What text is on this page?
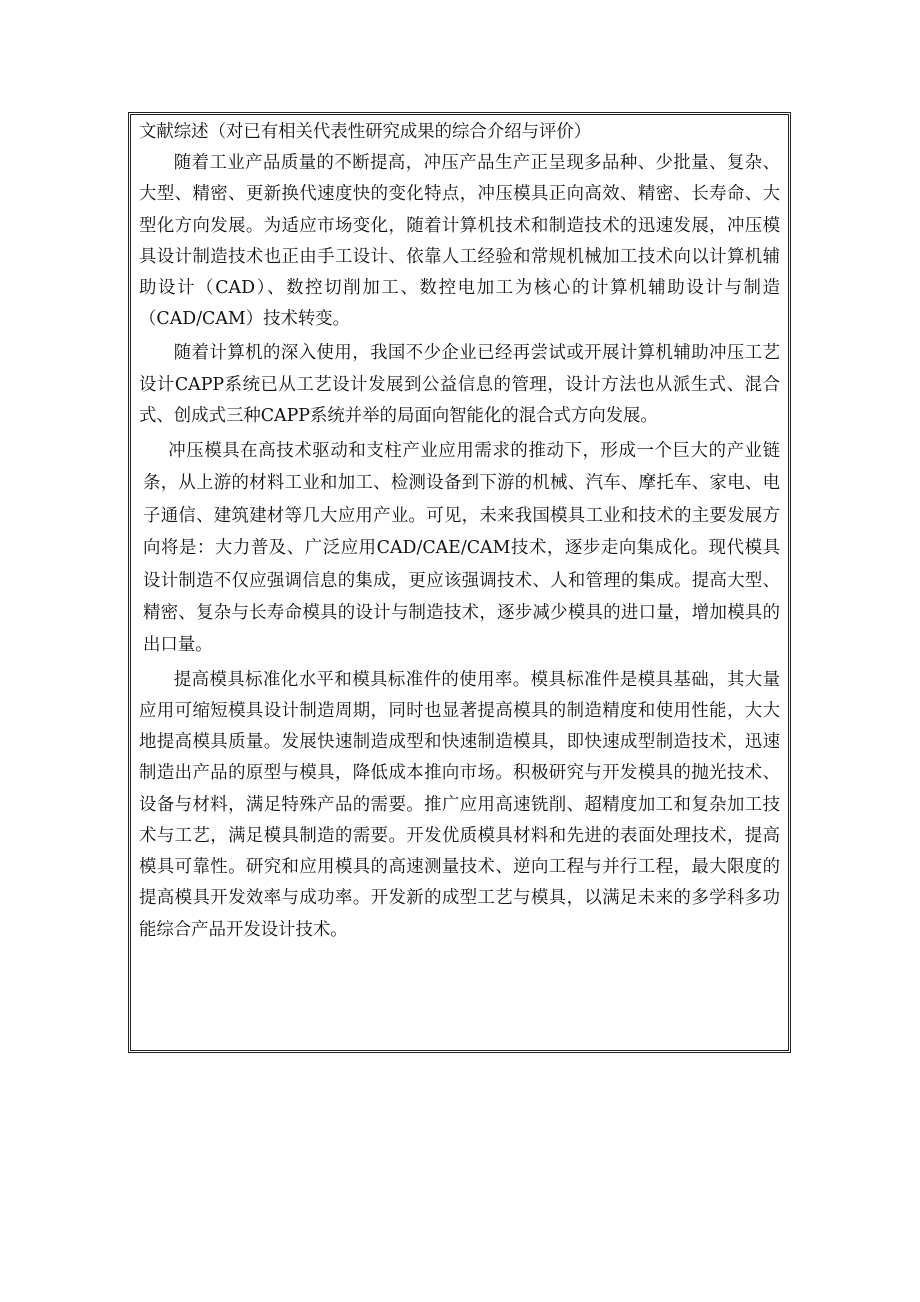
文献综述（对已有相关代表性研究成果的综合介绍与评价）

随着工业产品质量的不断提高，冲压产品生产正呈现多品种、少批量、复杂、大型、精密、更新换代速度快的变化特点，冲压模具正向高效、精密、长寿命、大型化方向发展。为适应市场变化，随着计算机技术和制造技术的迅速发展，冲压模具设计制造技术也正由手工设计、依靠人工经验和常规机械加工技术向以计算机辅助设计（CAD）、数控切削加工、数控电加工为核心的计算机辅助设计与制造（CAD/CAM）技术转变。

随着计算机的深入使用，我国不少企业已经再尝试或开展计算机辅助冲压工艺设计CAPP系统已从工艺设计发展到公益信息的管理，设计方法也从派生式、混合式、创成式三种CAPP系统并举的局面向智能化的混合式方向发展。

冲压模具在高技术驱动和支柱产业应用需求的推动下，形成一个巨大的产业链条，从上游的材料工业和加工、检测设备到下游的机械、汽车、摩托车、家电、电子通信、建筑建材等几大应用产业。可见，未来我国模具工业和技术的主要发展方向将是：大力普及、广泛应用CAD/CAE/CAM技术，逐步走向集成化。现代模具设计制造不仅应强调信息的集成，更应该强调技术、人和管理的集成。提高大型、精密、复杂与长寿命模具的设计与制造技术，逐步减少模具的进口量，增加模具的出口量。

提高模具标准化水平和模具标准件的使用率。模具标准件是模具基础，其大量应用可缩短模具设计制造周期，同时也显著提高模具的制造精度和使用性能，大大地提高模具质量。发展快速制造成型和快速制造模具，即快速成型制造技术，迅速制造出产品的原型与模具，降低成本推向市场。积极研究与开发模具的抛光技术、设备与材料，满足特殊产品的需要。推广应用高速铣削、超精度加工和复杂加工技术与工艺，满足模具制造的需要。开发优质模具材料和先进的表面处理技术，提高模具可靠性。研究和应用模具的高速测量技术、逆向工程与并行工程，最大限度的提高模具开发效率与成功率。开发新的成型工艺与模具，以满足未来的多学科多功能综合产品开发设计技术。
